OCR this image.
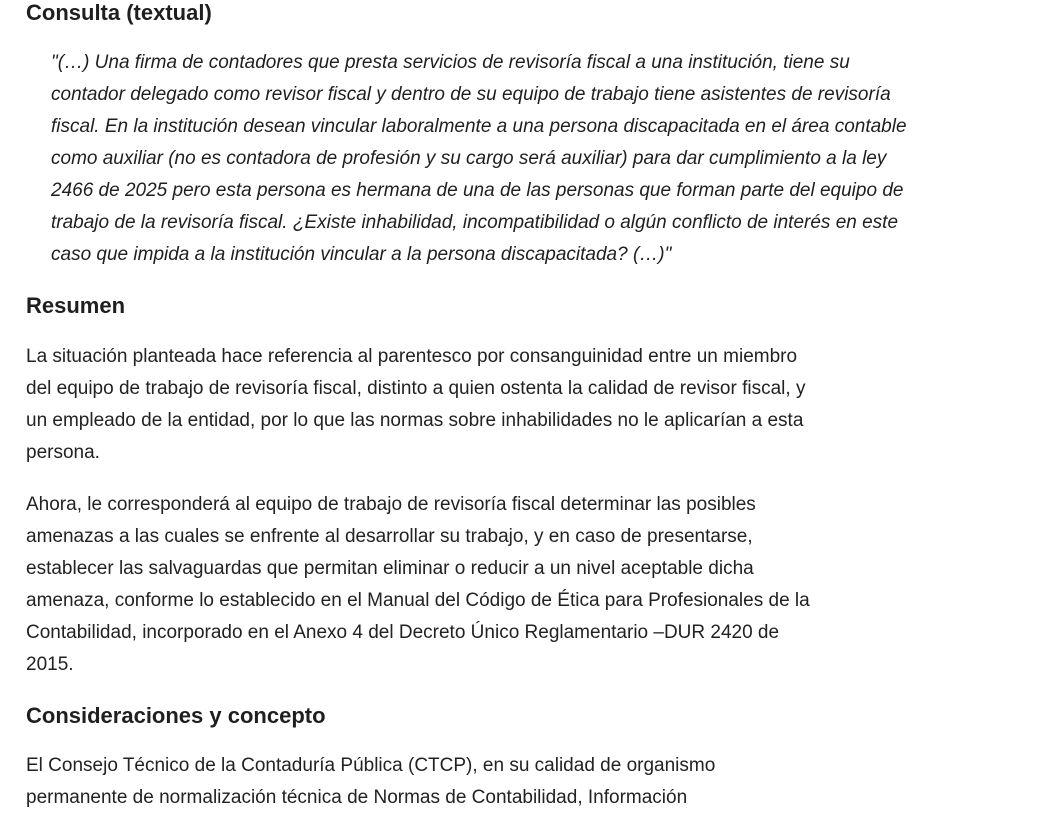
Consulta (textual)
"(…) Una firma de contadores que presta servicios de revisoría fiscal a una institución, tiene su contador delegado como revisor fiscal y dentro de su equipo de trabajo tiene asistentes de revisoría fiscal. En la institución desean vincular laboralmente a una persona discapacitada en el área contable como auxiliar (no es contadora de profesión y su cargo será auxiliar) para dar cumplimiento a la ley 2466 de 2025 pero esta persona es hermana de una de las personas que forman parte del equipo de trabajo de la revisoría fiscal. ¿Existe inhabilidad, incompatibilidad o algún conflicto de interés en este caso que impida a la institución vincular a la persona discapacitada? (…)"
Resumen

La situación planteada hace referencia al parentesco por consanguinidad entre un miembro del equipo de trabajo de revisoría fiscal, distinto a quien ostenta la calidad de revisor fiscal, y un empleado de la entidad, por lo que las normas sobre inhabilidades no le aplicarían a esta persona.

Ahora, le corresponderá al equipo de trabajo de revisoría fiscal determinar las posibles amenazas a las cuales se enfrente al desarrollar su trabajo, y en caso de presentarse, establecer las salvaguardas que permitan eliminar o reducir a un nivel aceptable dicha amenaza, conforme lo establecido en el Manual del Código de Ética para Profesionales de la Contabilidad, incorporado en el Anexo 4 del Decreto Único Reglamentario –DUR 2420 de 2015.

Consideraciones y concepto

El Consejo Técnico de la Contaduría Pública (CTCP), en su calidad de organismo permanente de normalización técnica de Normas de Contabilidad, Información
